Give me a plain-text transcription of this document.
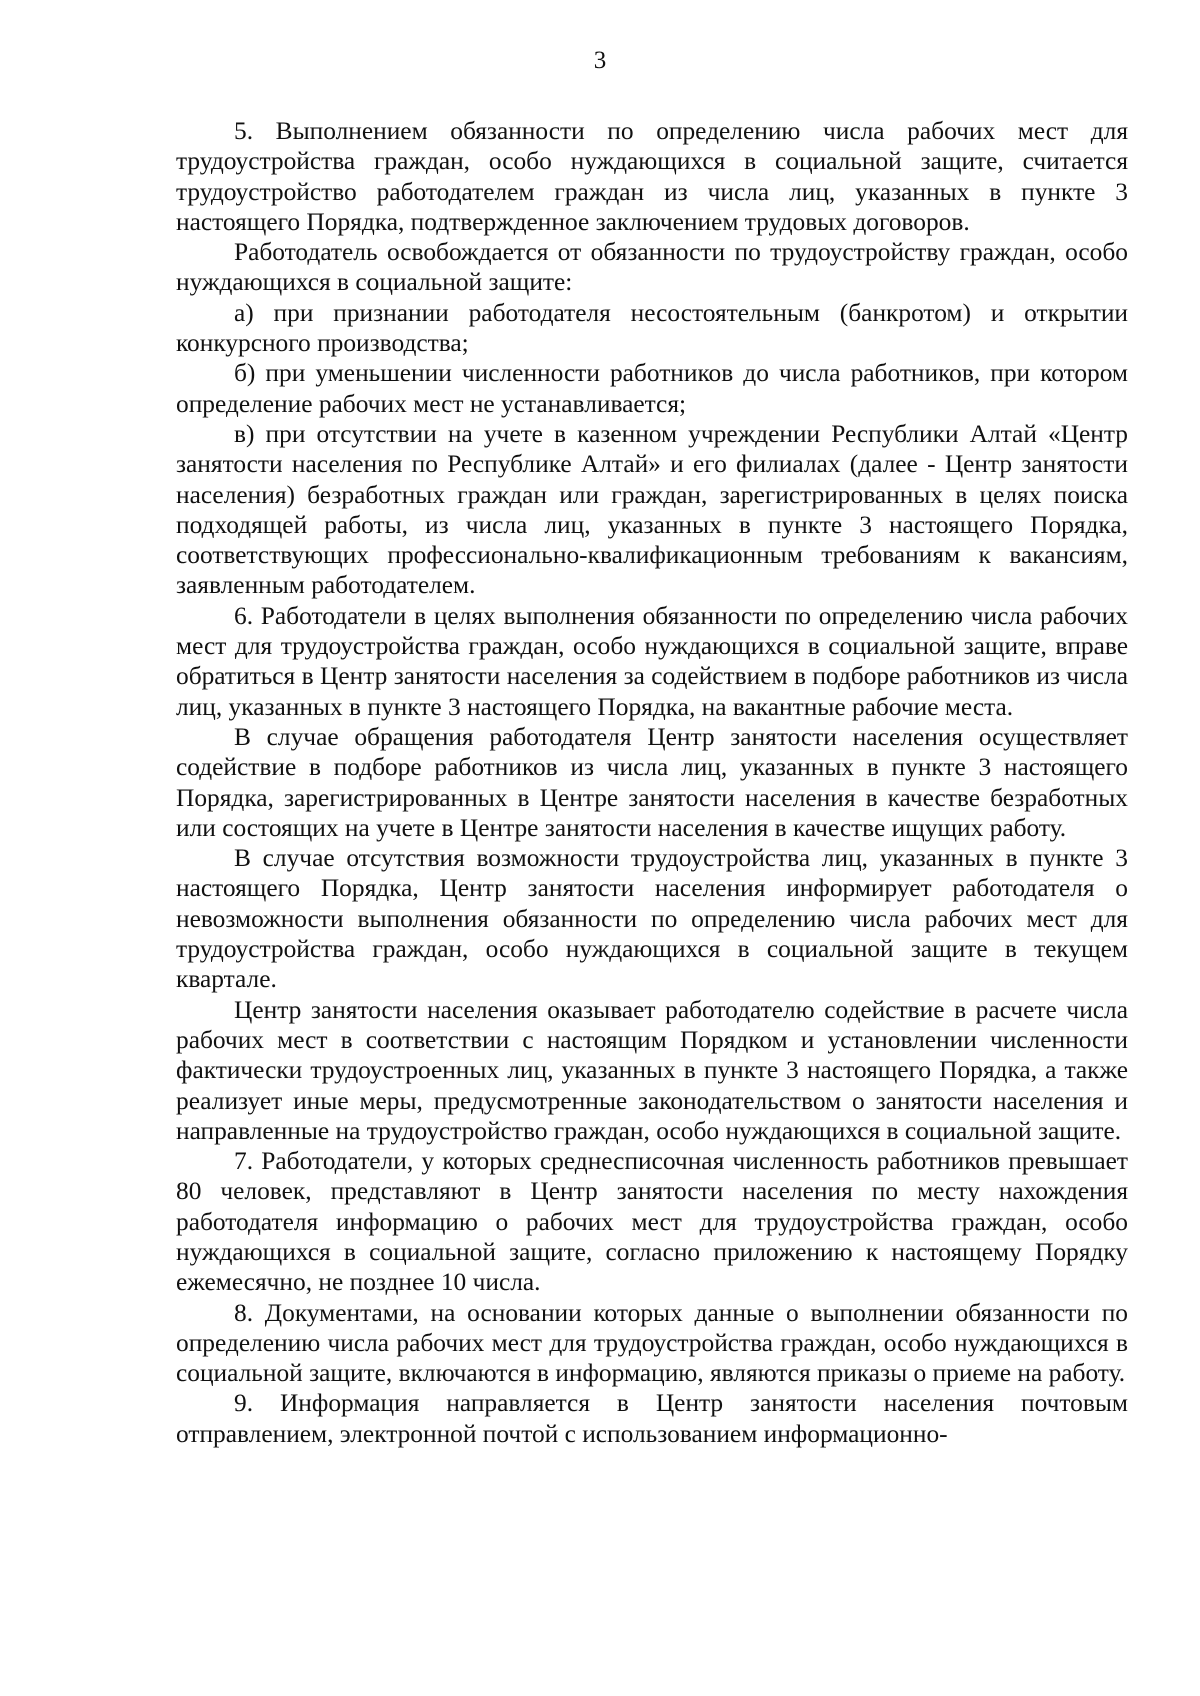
3

5. Выполнением обязанности по определению числа рабочих мест для трудоустройства граждан, особо нуждающихся в социальной защите, считается трудоустройство работодателем граждан из числа лиц, указанных в пункте 3 настоящего Порядка, подтвержденное заключением трудовых договоров.

Работодатель освобождается от обязанности по трудоустройству граждан, особо нуждающихся в социальной защите:

а) при признании работодателя несостоятельным (банкротом) и открытии конкурсного производства;

б) при уменьшении численности работников до числа работников, при котором определение рабочих мест не устанавливается;

в) при отсутствии на учете в казенном учреждении Республики Алтай «Центр занятости населения по Республике Алтай» и его филиалах (далее - Центр занятости населения) безработных граждан или граждан, зарегистрированных в целях поиска подходящей работы, из числа лиц, указанных в пункте 3 настоящего Порядка, соответствующих профессионально-квалификационным требованиям к вакансиям, заявленным работодателем.

6. Работодатели в целях выполнения обязанности по определению числа рабочих мест для трудоустройства граждан, особо нуждающихся в социальной защите, вправе обратиться в Центр занятости населения за содействием в подборе работников из числа лиц, указанных в пункте 3 настоящего Порядка, на вакантные рабочие места.

В случае обращения работодателя Центр занятости населения осуществляет содействие в подборе работников из числа лиц, указанных в пункте 3 настоящего Порядка, зарегистрированных в Центре занятости населения в качестве безработных или состоящих на учете в Центре занятости населения в качестве ищущих работу.

В случае отсутствия возможности трудоустройства лиц, указанных в пункте 3 настоящего Порядка, Центр занятости населения информирует работодателя о невозможности выполнения обязанности по определению числа рабочих мест для трудоустройства граждан, особо нуждающихся в социальной защите в текущем квартале.

Центр занятости населения оказывает работодателю содействие в расчете числа рабочих мест в соответствии с настоящим Порядком и установлении численности фактически трудоустроенных лиц, указанных в пункте 3 настоящего Порядка, а также реализует иные меры, предусмотренные законодательством о занятости населения и направленные на трудоустройство граждан, особо нуждающихся в социальной защите.

7. Работодатели, у которых среднесписочная численность работников превышает 80 человек, представляют в Центр занятости населения по месту нахождения работодателя информацию о рабочих мест для трудоустройства граждан, особо нуждающихся в социальной защите, согласно приложению к настоящему Порядку ежемесячно, не позднее 10 числа.

8. Документами, на основании которых данные о выполнении обязанности по определению числа рабочих мест для трудоустройства граждан, особо нуждающихся в социальной защите, включаются в информацию, являются приказы о приеме на работу.

9. Информация направляется в Центр занятости населения почтовым отправлением, электронной почтой с использованием информационно-
